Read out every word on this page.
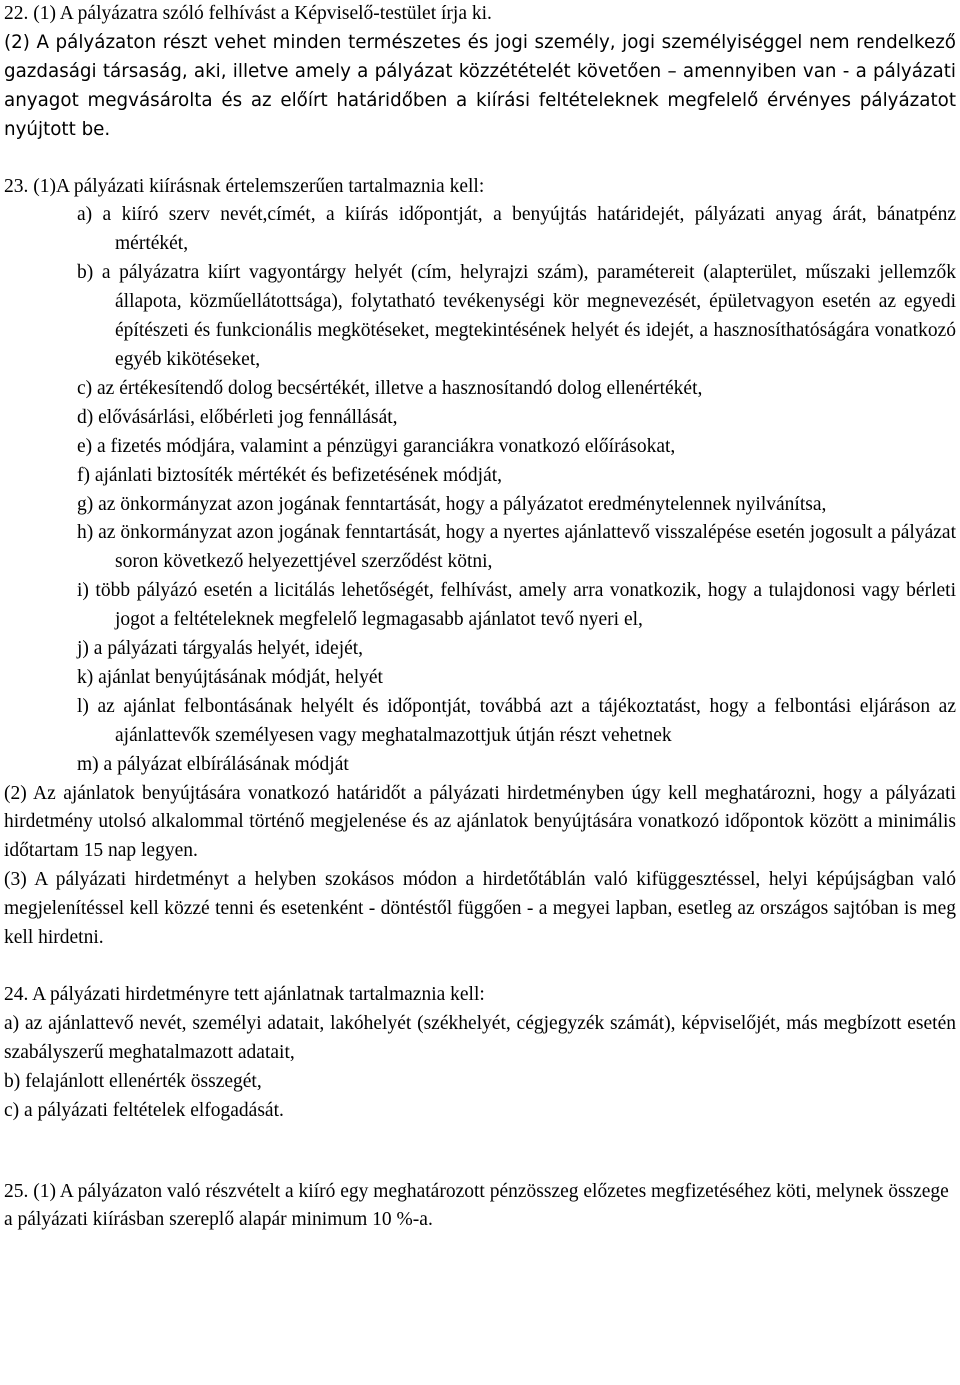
22. (1) A pályázatra szóló felhívást a Képviselő-testület írja ki.

(2) A pályázaton részt vehet minden természetes és jogi személy, jogi személyiséggel nem rendelkező gazdasági társaság, aki, illetve amely a pályázat közzétételét követően – amennyiben van - a pályázati anyagot megvásárolta és az előírt határidőben a kiírási feltételeknek megfelelő érvényes pályázatot nyújtott be.

23. (1)A pályázati kiírásnak értelemszerűen tartalmaznia kell:

a) a kiíró szerv nevét,címét, a kiírás időpontját, a benyújtás határidejét, pályázati anyag árát, bánatpénz mértékét,

b) a pályázatra kiírt vagyontárgy helyét (cím, helyrajzi szám), paramétereit (alapterület, műszaki jellemzők állapota, közműellátottsága), folytatható tevékenységi kör megnevezését, épületvagyon esetén az egyedi építészeti és funkcionális megkötéseket, megtekintésének helyét és idejét, a hasznosíthatóságára vonatkozó egyéb kikötéseket,

c) az értékesítendő dolog becsértékét, illetve a hasznosítandó dolog ellenértékét,

d) elővásárlási, előbérleti jog fennállását,

e) a fizetés módjára, valamint a pénzügyi garanciákra vonatkozó előírásokat,

f) ajánlati biztosíték mértékét és befizetésének módját,

g) az önkormányzat azon jogának fenntartását, hogy a pályázatot eredménytelennek nyilvánítsa,

h) az önkormányzat azon jogának fenntartását, hogy a nyertes ajánlattevő visszalépése esetén jogosult a pályázat soron következő helyezettjével szerződést kötni,

i) több pályázó esetén a licitálás lehetőségét, felhívást, amely arra vonatkozik, hogy a tulajdonosi vagy bérleti jogot a feltételeknek megfelelő legmagasabb ajánlatot tevő nyeri el,

j) a pályázati tárgyalás helyét, idejét,

k) ajánlat benyújtásának módját, helyét

l) az ajánlat felbontásának helyélt és időpontját, továbbá azt a tájékoztatást, hogy a felbontási eljáráson az ajánlattevők személyesen vagy meghatalmazottjuk útján részt vehetnek

m) a pályázat elbírálásának módját

(2) Az ajánlatok benyújtására vonatkozó határidőt a pályázati hirdetményben úgy kell meghatározni, hogy a pályázati hirdetmény utolsó alkalommal történő megjelenése és az ajánlatok benyújtására vonatkozó időpontok között a minimális időtartam 15 nap legyen.

(3) A pályázati hirdetményt a helyben szokásos módon a hirdetőtáblán való kifüggesztéssel, helyi képújságban való megjelenítéssel kell közzé tenni és esetenként - döntéstől függően - a megyei lapban, esetleg az országos sajtóban is meg kell hirdetni.

24. A pályázati hirdetményre tett ajánlatnak tartalmaznia kell:

a) az ajánlattevő nevét, személyi adatait, lakóhelyét (székhelyét, cégjegyzék számát), képviselőjét, más megbízott esetén szabályszerű meghatalmazott adatait,

b) felajánlott ellenérték összegét,

c) a pályázati feltételek elfogadását.

25. (1) A pályázaton való részvételt a kiíró egy meghatározott pénzösszeg előzetes megfizetéséhez köti, melynek összege a pályázati kiírásban szereplő alapár minimum 10 %-a.
